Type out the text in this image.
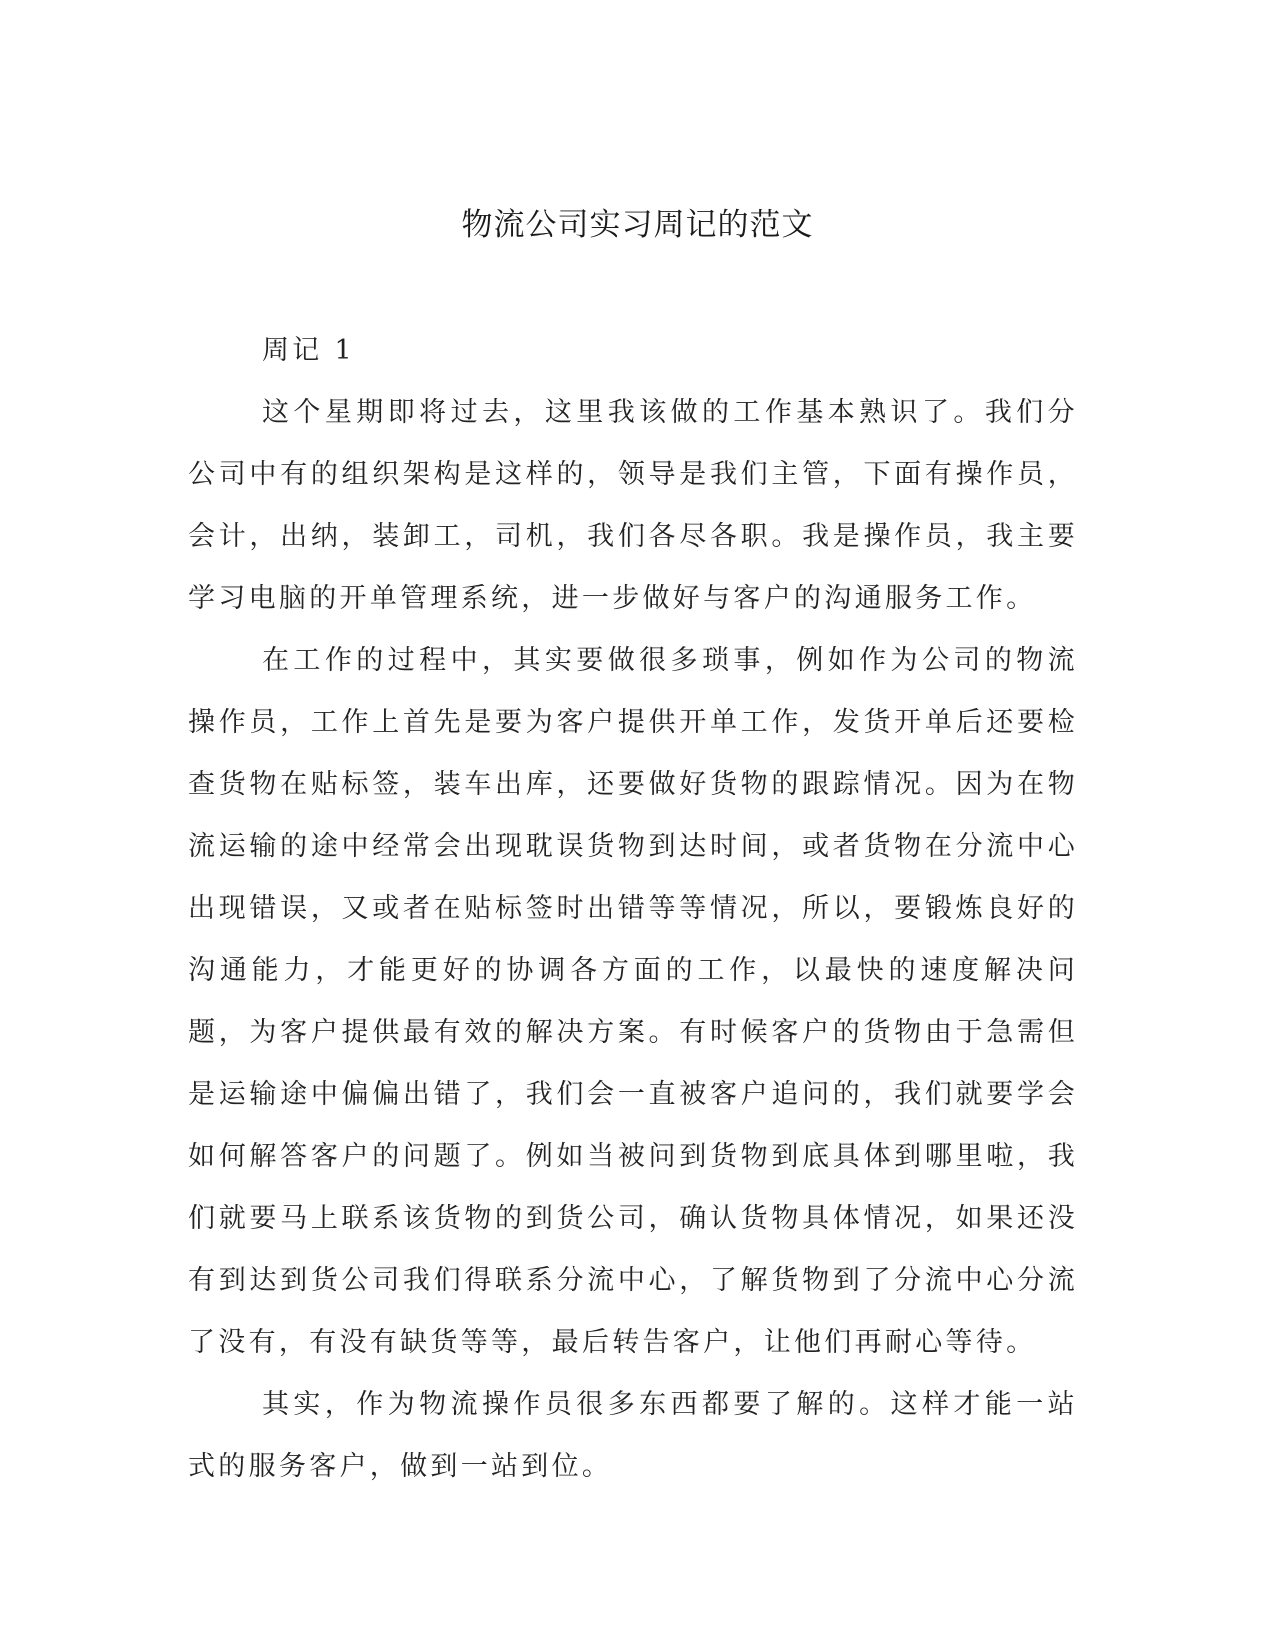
物流公司实习周记的范文

周记 1

这个星期即将过去，这里我该做的工作基本熟识了。我们分公司中有的组织架构是这样的，领导是我们主管，下面有操作员，会计，出纳，装卸工，司机，我们各尽各职。我是操作员，我主要学习电脑的开单管理系统，进一步做好与客户的沟通服务工作。

在工作的过程中，其实要做很多琐事，例如作为公司的物流操作员，工作上首先是要为客户提供开单工作，发货开单后还要检查货物在贴标签，装车出库，还要做好货物的跟踪情况。因为在物流运输的途中经常会出现耽误货物到达时间，或者货物在分流中心出现错误，又或者在贴标签时出错等等情况，所以，要锻炼良好的沟通能力，才能更好的协调各方面的工作，以最快的速度解决问题，为客户提供最有效的解决方案。有时候客户的货物由于急需但是运输途中偏偏出错了，我们会一直被客户追问的，我们就要学会如何解答客户的问题了。例如当被问到货物到底具体到哪里啦，我们就要马上联系该货物的到货公司，确认货物具体情况，如果还没有到达到货公司我们得联系分流中心，了解货物到了分流中心分流了没有，有没有缺货等等，最后转告客户，让他们再耐心等待。

其实，作为物流操作员很多东西都要了解的。这样才能一站式的服务客户，做到一站到位。
